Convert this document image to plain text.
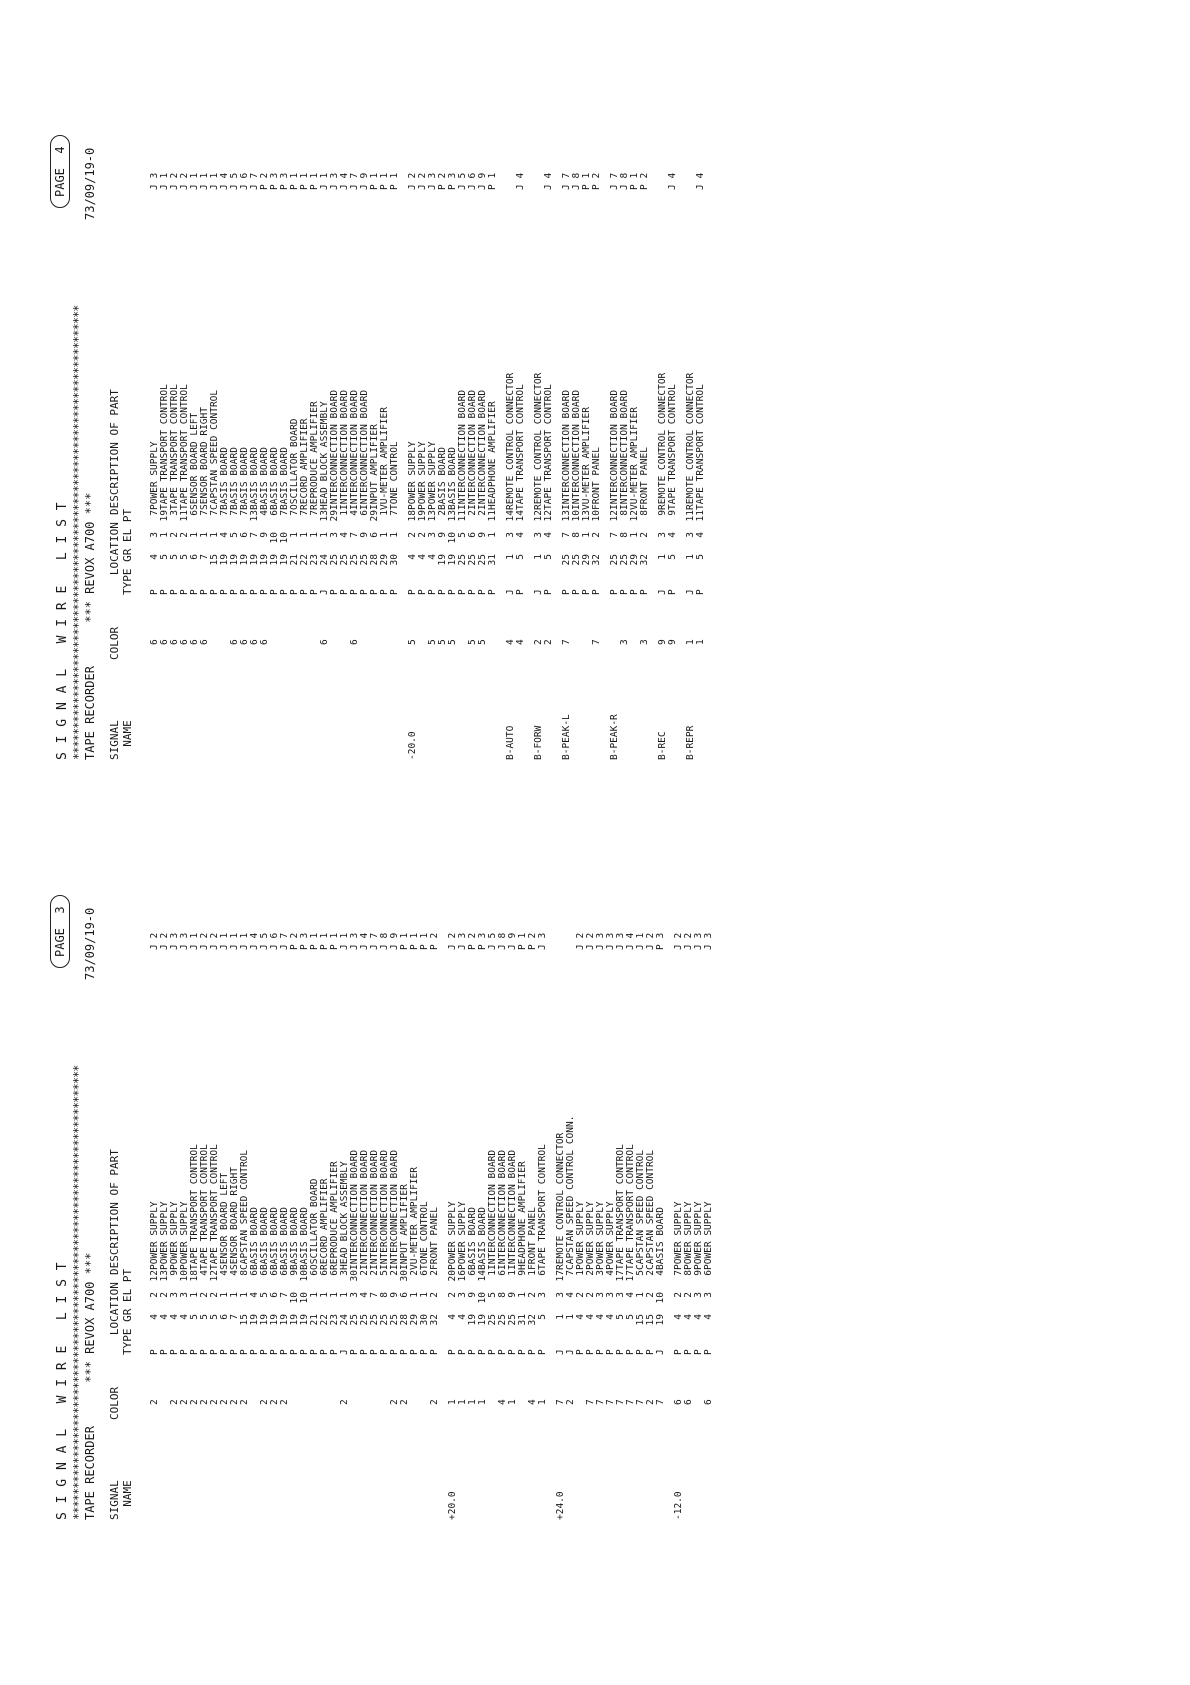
S I G N A L   W I R E   L I S T
PAGE  3
*************************************************************************
TAPE RECORDER      *** REVOX A700 ***
73/09/19-0
SIGNAL
NAME
COLOR
LOCATION
TYPE GR EL PT
DESCRIPTION OF PART
2
P
4
2
12
POWER SUPPLY
J 2
P
4
2
13
POWER SUPPLY
J 2
2
P
4
3
9
POWER SUPPLY
J 3
2
P
4
3
10
POWER SUPPLY
J 3
2
P
5
1
18
TAPE TRANSPORT CONTROL
J 1
2
P
5
2
4
TAPE TRANSPORT CONTROL
J 2
2
P
5
2
12
TAPE TRANSPORT CONTROL
J 2
2
P
6
1
4
SENSOR BOARD LEFT
J 1
2
P
7
1
4
SENSOR BOARD RIGHT
J 1
2
P
15
1
8
CAPSTAN SPEED CONTROL
J 1
P
19
4
6
BASIS BOARD
J 4
2
P
19
5
6
BASIS BOARD
J 5
2
P
19
6
6
BASIS BOARD
J 6
2
P
19
7
6
BASIS BOARD
J 7
P
19
10
9
BASIS BOARD
P 2
P
19
10
10
BASIS BOARD
P 3
P
21
1
6
OSCILLATOR BOARD
P 1
P
22
1
6
RECORD AMPLIFIER
P 1
P
23
1
6
REPRODUCE AMPLIFIER
P 1
2
J
24
1
3
HEAD BLOCK ASSEMBLY
J 1
P
25
3
30
INTERCONNECTION BOARD
J 3
P
25
4
2
INTERCONNECTION BOARD
J 4
P
25
7
2
INTERCONNECTION BOARD
J 7
P
25
8
5
INTERCONNECTION BOARD
J 8
2
P
25
9
2
INTERCONNECTION BOARD
J 9
2
P
28
6
30
INPUT AMPLIFIER
P 1
P
29
1
2
VU-METER AMPLIFIER
P 1
P
30
1
6
TONE CONTROL
P 1
2
P
32
2
2
FRONT PANEL
P 2
+20.0
1
P
4
2
20
POWER SUPPLY
J 2
1
P
4
3
16
POWER SUPPLY
J 3
1
P
19
9
6
BASIS BOARD
P 2
1
P
19
10
14
BASIS BOARD
P 3
P
25
5
1
INTERCONNECTION BOARD
J 5
4
P
25
8
6
INTERCONNECTION BOARD
J 8
1
P
25
9
1
INTERCONNECTION BOARD
J 9
P
31
1
9
HEADPHONE AMPLIFIER
P 1
4
P
32
2
1
FRONT PANEL
P 2
1
P
5
3
6
TAPE TRANSPORT CONTROL
J 3
+24.0
7
J
1
3
17
REMOTE CONTROL CONNECTOR
2
J
1
4
7
CAPSTAN SPEED CONTROL CONN.
P
4
2
1
POWER SUPPLY
J 2
7
P
4
2
2
POWER SUPPLY
J 2
7
P
4
3
3
POWER SUPPLY
J 3
7
P
4
3
4
POWER SUPPLY
J 3
7
P
5
3
17
TAPE TRANSPORT CONTROL
J 3
7
P
5
4
17
TAPE TRANSPORT CONTROL
J 4
7
P
15
1
5
CAPSTAN SPEED CONTROL
J 1
2
P
15
2
2
CAPSTAN SPEED CONTROL
J 2
7
J
19
10
4
BASIS BOARD
P 3
-12.0
6
P
4
2
7
POWER SUPPLY
J 2
6
P
4
2
8
POWER SUPPLY
J 2
P
4
3
9
POWER SUPPLY
J 3
6
P
4
3
6
POWER SUPPLY
J 3
S I G N A L   W I R E   L I S T
PAGE  4
*************************************************************************
TAPE RECORDER      *** REVOX A700 ***
73/09/19-0
SIGNAL
NAME
COLOR
LOCATION
TYPE GR EL PT
DESCRIPTION OF PART
6
P
4
3
7
POWER SUPPLY
J 3
6
P
5
1
19
TAPE TRANSPORT CONTROL
J 1
6
P
5
2
3
TAPE TRANSPORT CONTROL
J 2
6
P
5
2
11
TAPE TRANSPORT CONTROL
J 2
6
P
6
1
6
SENSOR BOARD LEFT
J 1
6
P
7
1
7
SENSOR BOARD RIGHT
J 1
P
15
1
7
CAPSTAN SPEED CONTROL
J 1
P
19
4
7
BASIS BOARD
J 4
6
P
19
5
7
BASIS BOARD
J 5
6
P
19
6
7
BASIS BOARD
J 6
6
P
19
7
13
BASIS BOARD
J 7
6
P
19
9
4
BASIS BOARD
P 2
P
19
10
6
BASIS BOARD
P 3
P
19
10
7
BASIS BOARD
P 3
P
21
1
7
OSCILLATOR BOARD
P 1
P
22
1
7
RECORD AMPLIFIER
P 1
P
23
1
7
REPRODUCE AMPLIFIER
P 1
6
J
24
1
13
HEAD BLOCK ASSEMBLY
J 1
P
25
3
29
INTERCONNECTION BOARD
J 3
P
25
4
1
INTERCONNECTION BOARD
J 4
6
P
25
7
4
INTERCONNECTION BOARD
J 7
P
25
9
6
INTERCONNECTION BOARD
J 9
P
28
6
29
INPUT AMPLIFIER
P 1
P
29
1
1
VU-METER AMPLIFIER
P 1
P
30
1
7
TONE CONTROL
P 1
-20.0
5
P
4
2
18
POWER SUPPLY
J 2
P
4
2
19
POWER SUPPLY
J 2
5
P
4
3
13
POWER SUPPLY
J 3
5
P
19
9
2
BASIS BOARD
P 2
5
P
19
10
13
BASIS BOARD
P 3
P
25
5
11
INTERCONNECTION BOARD
J 5
5
P
25
6
2
INTERCONNECTION BOARD
J 6
5
P
25
9
2
INTERCONNECTION BOARD
J 9
P
31
1
11
HEADPHONE AMPLIFIER
P 1
B-AUTO
4
J
1
3
14
REMOTE CONTROL CONNECTOR
4
P
5
4
14
TAPE TRANSPORT CONTROL
J 4
B-FORW
2
J
1
3
12
REMOTE CONTROL CONNECTOR
2
P
5
4
12
TAPE TRANSPORT CONTROL
J 4
B-PEAK-L
7
P
25
7
13
INTERCONNECTION BOARD
J 7
P
25
8
10
INTERCONNECTION BOARD
J 8
P
29
1
13
VU-METER AMPLIFIER
P 1
7
P
32
2
10
FRONT PANEL
P 2
B-PEAK-R
P
25
7
12
INTERCONNECTION BOARD
J 7
3
P
25
8
8
INTERCONNECTION BOARD
J 8
P
29
1
12
VU-METER AMPLIFIER
P 1
3
P
32
2
8
FRONT PANEL
P 2
B-REC
9
J
1
3
9
REMOTE CONTROL CONNECTOR
9
P
5
4
9
TAPE TRANSPORT CONTROL
J 4
B-REPR
1
J
1
3
11
REMOTE CONTROL CONNECTOR
1
P
5
4
11
TAPE TRANSPORT CONTROL
J 4
